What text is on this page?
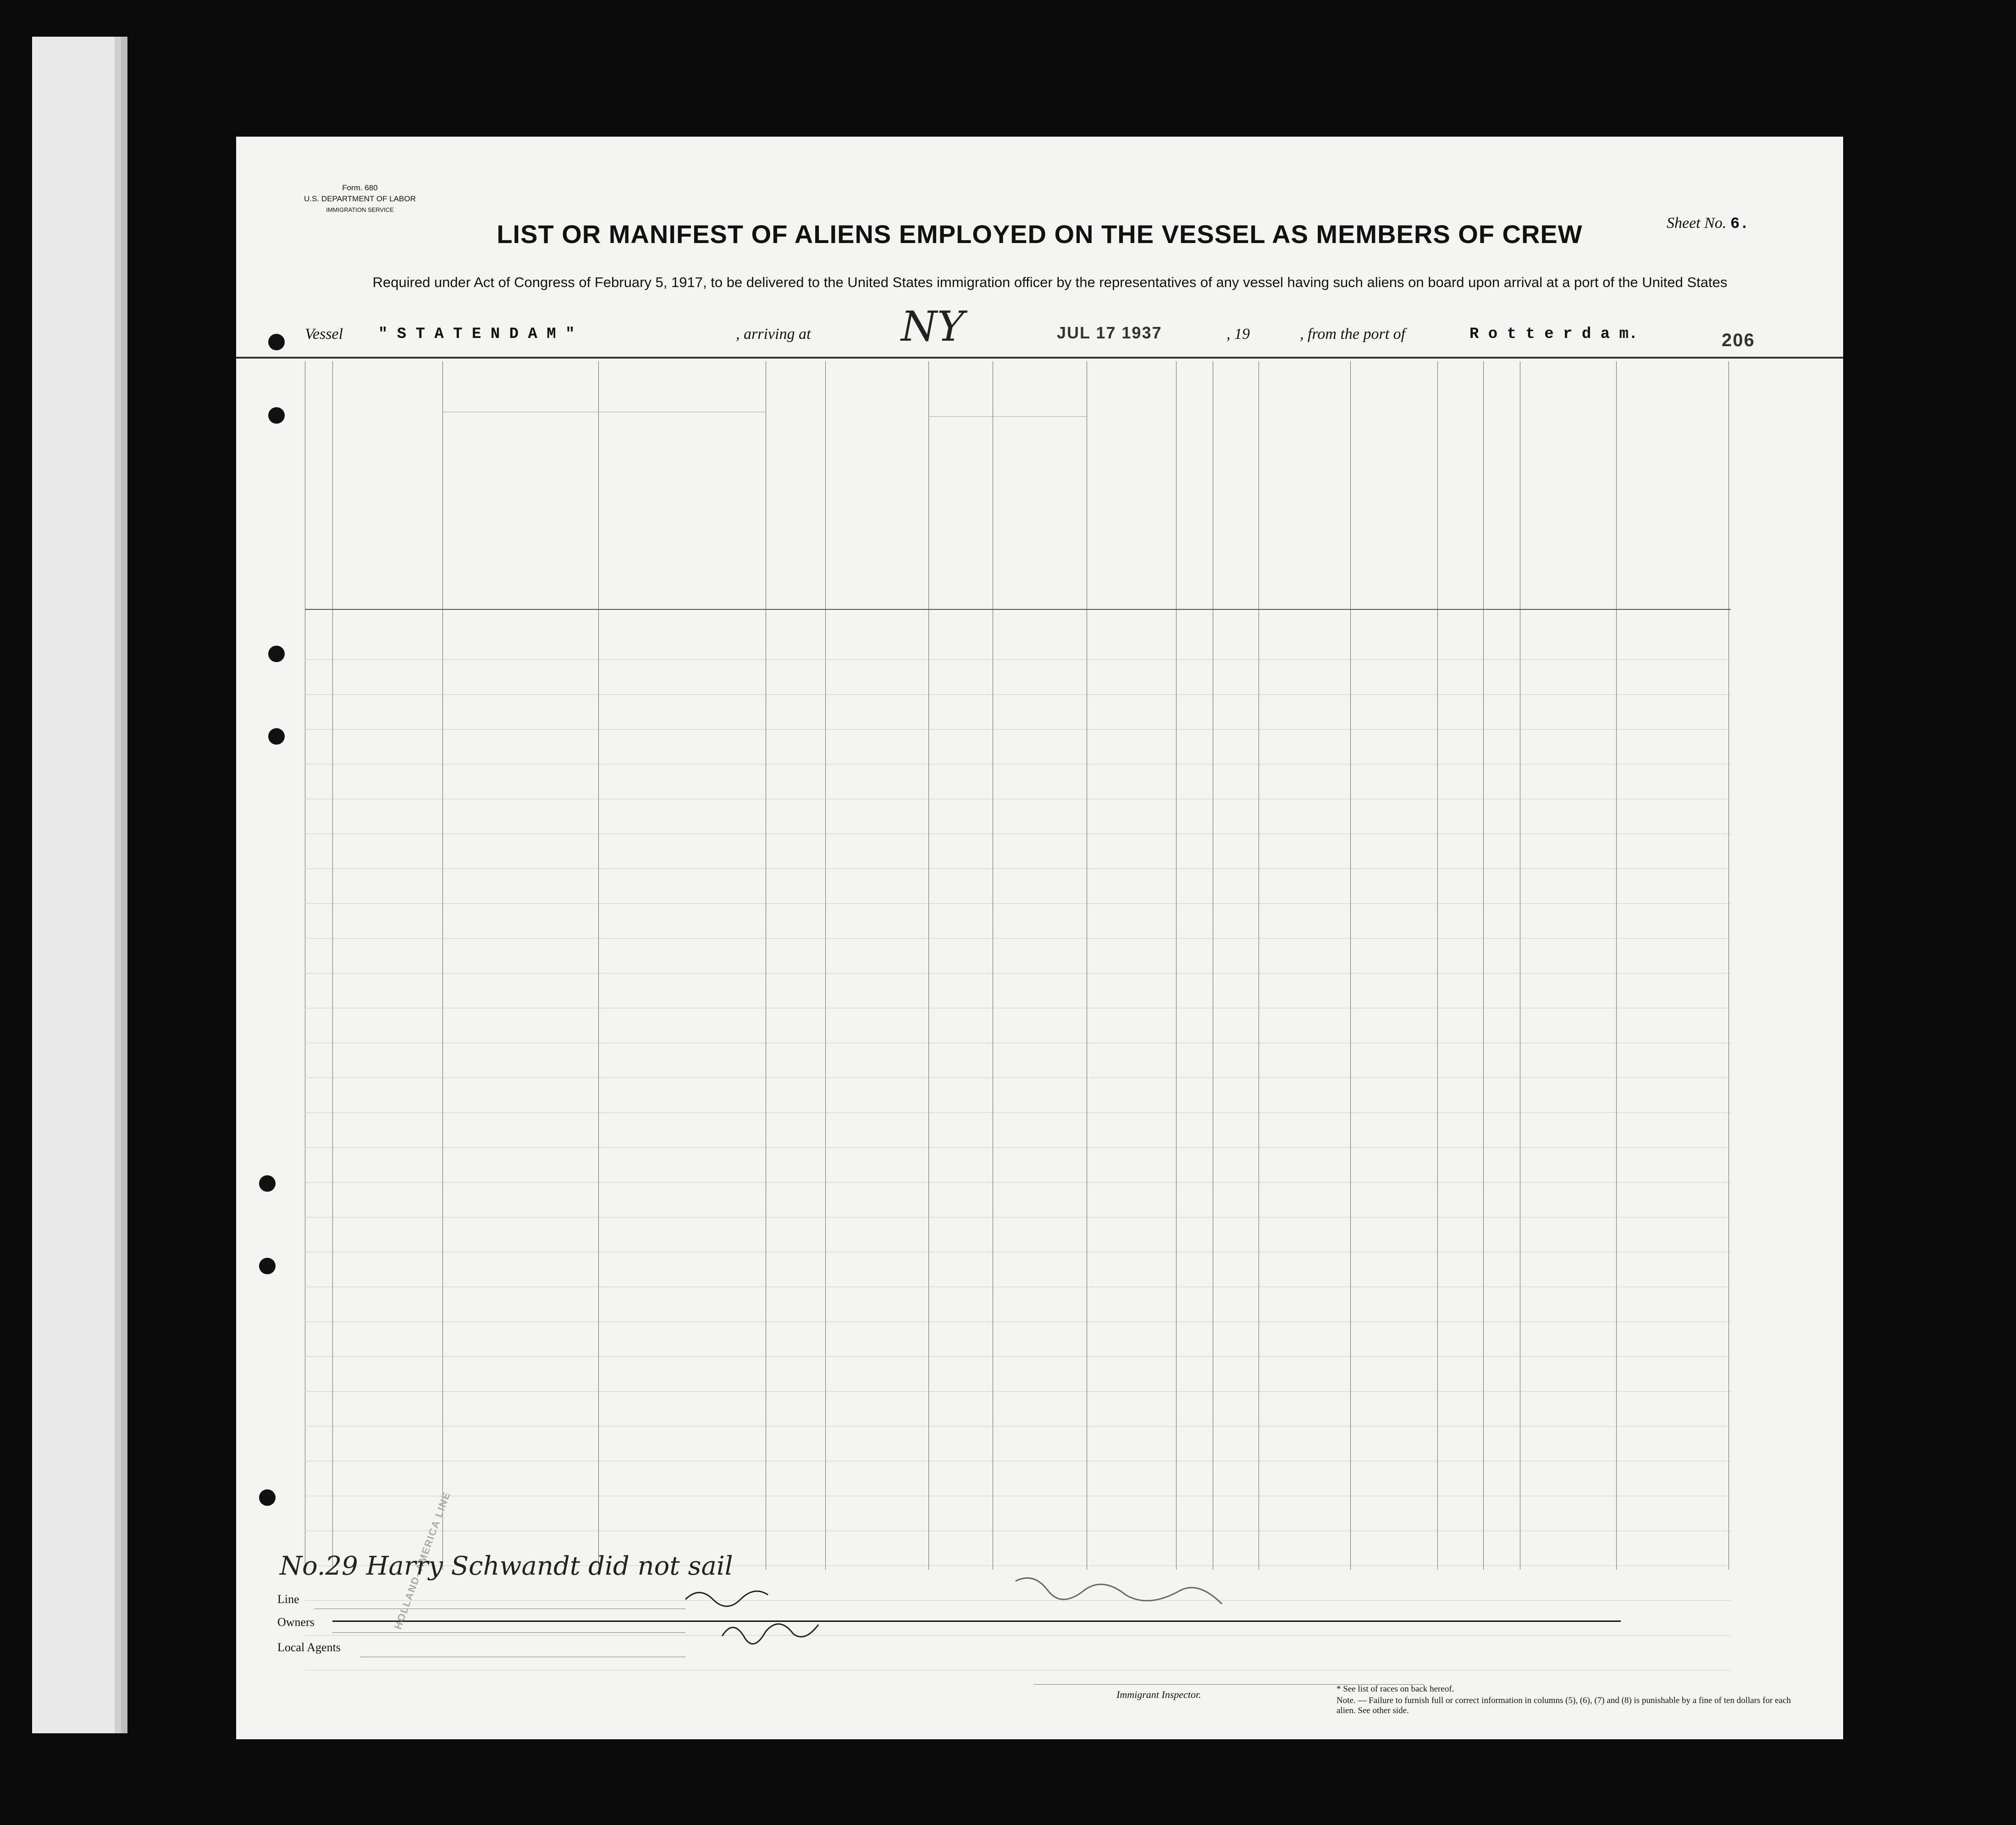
Form. 680
U.S. DEPARTMENT OF LABOR
IMMIGRATION SERVICE
Sheet No. 6.
LIST OR MANIFEST OF ALIENS EMPLOYED ON THE VESSEL AS MEMBERS OF CREW
Required under Act of Congress of February 5, 1917, to be delivered to the United States immigration officer by the representatives of any vessel having such aliens on board upon arrival at a port of the United States
Vessel " S T A T E N D A M "	, arriving at NY	JUL 17 1937	, 19	, from the port of	R o t t e r d a m.	206
Line
Owners
Local Agents
HOLLAND–AMERICA LINE
No.29 Harry Schwandt did not sail
Immigrant Inspector.	* See list of races on back hereof.
Note. — Failure to furnish full or correct information in columns (5), (6), (7) and (8) is punishable by a fine of ten dollars for each alien. See other side.
